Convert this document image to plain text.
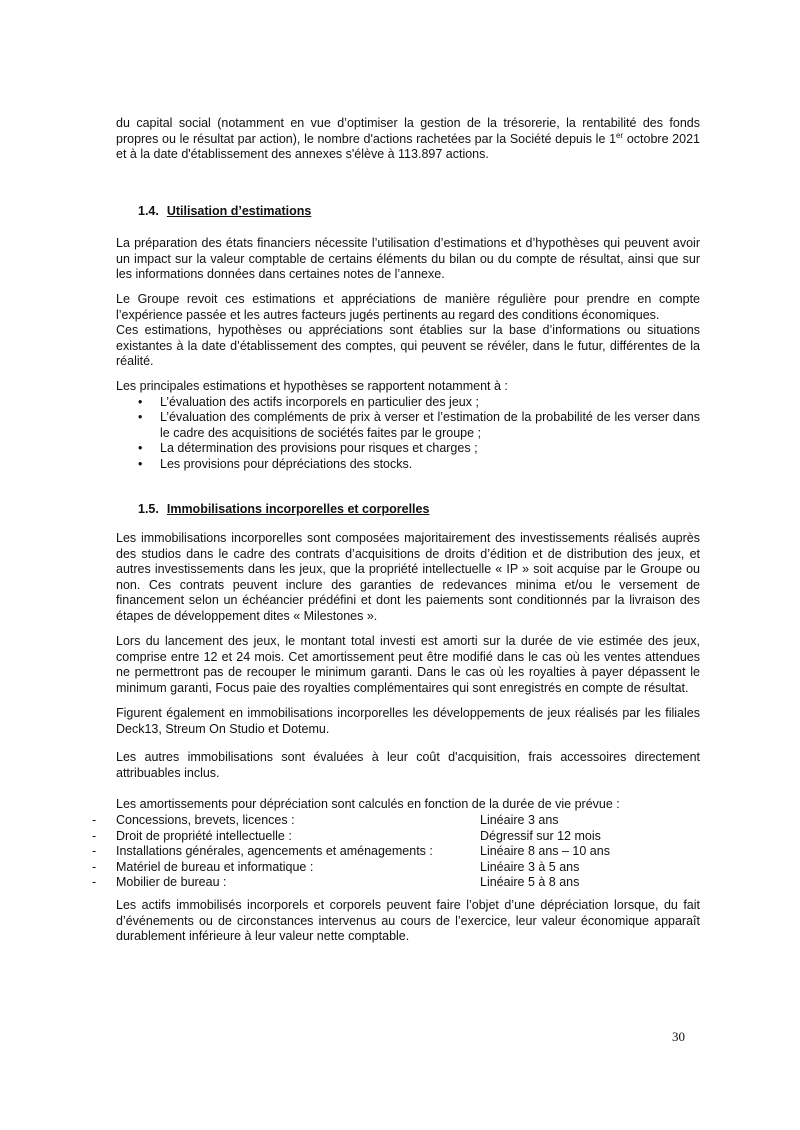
du capital social (notamment en vue d’optimiser la gestion de la trésorerie, la rentabilité des fonds propres ou le résultat par action), le nombre d'actions rachetées par la Société depuis le 1er octobre 2021 et à la date d'établissement des annexes s'élève à 113.897 actions.

1.4. Utilisation d’estimations

La préparation des états financiers nécessite l’utilisation d’estimations et d’hypothèses qui peuvent avoir un impact sur la valeur comptable de certains éléments du bilan ou du compte de résultat, ainsi que sur les informations données dans certaines notes de l’annexe.

Le Groupe revoit ces estimations et appréciations de manière régulière pour prendre en compte l’expérience passée et les autres facteurs jugés pertinents au regard des conditions économiques.

Ces estimations, hypothèses ou appréciations sont établies sur la base d’informations ou situations existantes à la date d’établissement des comptes, qui peuvent se révéler, dans le futur, différentes de la réalité.

Les principales estimations et hypothèses se rapportent notamment à :

• L’évaluation des actifs incorporels en particulier des jeux ;
• L’évaluation des compléments de prix à verser et l’estimation de la probabilité de les verser dans le cadre des acquisitions de sociétés faites par le groupe ;
• La détermination des provisions pour risques et charges ;
• Les provisions pour dépréciations des stocks.
1.5. Immobilisations incorporelles et corporelles

Les immobilisations incorporelles sont composées majoritairement des investissements réalisés auprès des studios dans le cadre des contrats d’acquisitions de droits d’édition et de distribution des jeux, et autres investissements dans les jeux, que la propriété intellectuelle « IP » soit acquise par le Groupe ou non. Ces contrats peuvent inclure des garanties de redevances minima et/ou le versement de financement selon un échéancier prédéfini et dont les paiements sont conditionnés par la livraison des étapes de développement dites « Milestones ».

Lors du lancement des jeux, le montant total investi est amorti sur la durée de vie estimée des jeux, comprise entre 12 et 24 mois. Cet amortissement peut être modifié dans le cas où les ventes attendues ne permettront pas de recouper le minimum garanti. Dans le cas où les royalties à payer dépassent le minimum garanti, Focus paie des royalties complémentaires qui sont enregistrés en compte de résultat.

Figurent également en immobilisations incorporelles les développements de jeux réalisés par les filiales Deck13, Streum On Studio et Dotemu.

Les autres immobilisations sont évaluées à leur coût d'acquisition, frais accessoires directement attribuables inclus.

Les amortissements pour dépréciation sont calculés en fonction de la durée de vie prévue :

- Concessions, brevets, licences :	Linéaire 3 ans
- Droit de propriété intellectuelle :	Dégressif sur 12 mois
- Installations générales, agencements et aménagements :	Linéaire 8 ans – 10 ans
- Matériel de bureau et informatique :	Linéaire 3 à 5 ans
- Mobilier de bureau :	Linéaire 5 à 8 ans

Les actifs immobilisés incorporels et corporels peuvent faire l’objet d’une dépréciation lorsque, du fait d’événements ou de circonstances intervenus au cours de l’exercice, leur valeur économique apparaît durablement inférieure à leur valeur nette comptable.

30
